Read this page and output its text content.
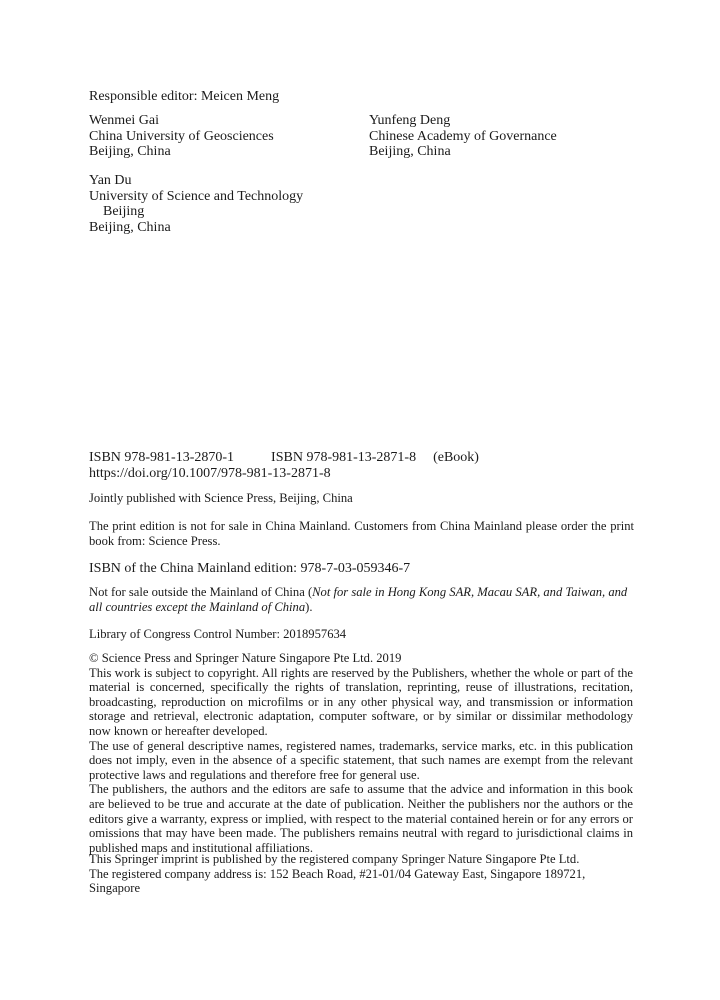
Responsible editor: Meicen Meng

Wenmei Gai
China University of Geosciences
Beijing, China
Yunfeng Deng
Chinese Academy of Governance
Beijing, China
Yan Du
University of Science and Technology
Beijing
Beijing, China
ISBN 978-981-13-2870-1	ISBN 978-981-13-2871-8 (eBook)
https://doi.org/10.1007/978-981-13-2871-8

Jointly published with Science Press, Beijing, China

The print edition is not for sale in China Mainland. Customers from China Mainland please order the print book from: Science Press.

ISBN of the China Mainland edition: 978-7-03-059346-7

Not for sale outside the Mainland of China (Not for sale in Hong Kong SAR, Macau SAR, and Taiwan, and all countries except the Mainland of China).

Library of Congress Control Number: 2018957634

© Science Press and Springer Nature Singapore Pte Ltd. 2019
This work is subject to copyright. All rights are reserved by the Publishers, whether the whole or part of the material is concerned, specifically the rights of translation, reprinting, reuse of illustrations, recitation, broadcasting, reproduction on microfilms or in any other physical way, and transmission or information storage and retrieval, electronic adaptation, computer software, or by similar or dissimilar methodology now known or hereafter developed.
The use of general descriptive names, registered names, trademarks, service marks, etc. in this publication does not imply, even in the absence of a specific statement, that such names are exempt from the relevant protective laws and regulations and therefore free for general use.
The publishers, the authors and the editors are safe to assume that the advice and information in this book are believed to be true and accurate at the date of publication. Neither the publishers nor the authors or the editors give a warranty, express or implied, with respect to the material contained herein or for any errors or omissions that may have been made. The publishers remains neutral with regard to jurisdictional claims in published maps and institutional affiliations.
This Springer imprint is published by the registered company Springer Nature Singapore Pte Ltd.
The registered company address is: 152 Beach Road, #21-01/04 Gateway East, Singapore 189721,
Singapore
